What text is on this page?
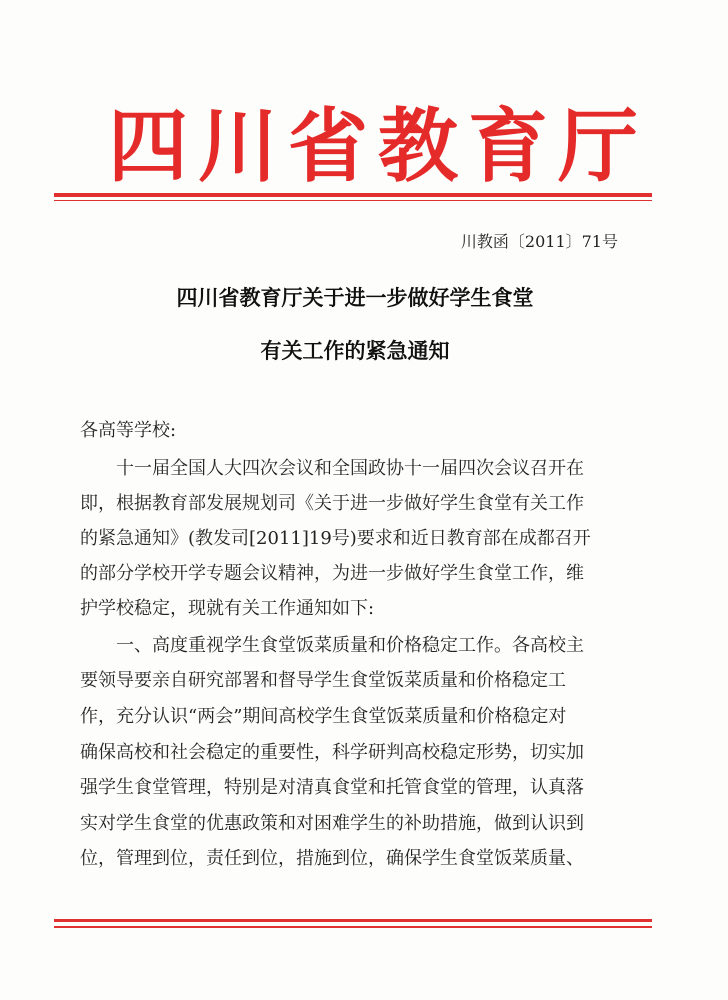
四川省教育厅
川教函〔2011〕71号
四川省教育厅关于进一步做好学生食堂
有关工作的紧急通知
各高等学校:
十一届全国人大四次会议和全国政协十一届四次会议召开在
即，根据教育部发展规划司《关于进一步做好学生食堂有关工作
的紧急通知》(教发司[2011]19号)要求和近日教育部在成都召开
的部分学校开学专题会议精神，为进一步做好学生食堂工作，维
护学校稳定，现就有关工作通知如下:
一、高度重视学生食堂饭菜质量和价格稳定工作。各高校主
要领导要亲自研究部署和督导学生食堂饭菜质量和价格稳定工
作，充分认识“两会”期间高校学生食堂饭菜质量和价格稳定对
确保高校和社会稳定的重要性，科学研判高校稳定形势，切实加
强学生食堂管理，特别是对清真食堂和托管食堂的管理，认真落
实对学生食堂的优惠政策和对困难学生的补助措施，做到认识到
位，管理到位，责任到位，措施到位，确保学生食堂饭菜质量、
